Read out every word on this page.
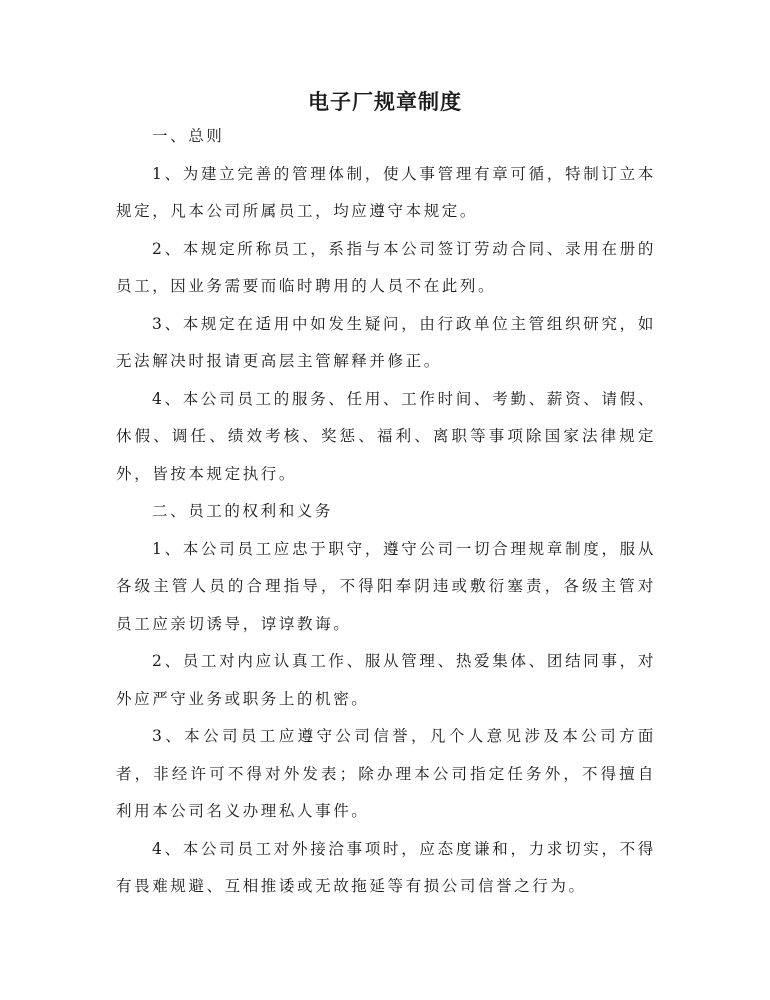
电子厂规章制度

一、总则

1、为建立完善的管理体制，使人事管理有章可循，特制订立本规定，凡本公司所属员工，均应遵守本规定。

2、本规定所称员工，系指与本公司签订劳动合同、录用在册的员工，因业务需要而临时聘用的人员不在此列。

3、本规定在适用中如发生疑问，由行政单位主管组织研究，如无法解决时报请更高层主管解释并修正。

4、本公司员工的服务、任用、工作时间、考勤、薪资、请假、休假、调任、绩效考核、奖惩、福利、离职等事项除国家法律规定外，皆按本规定执行。

二、员工的权利和义务

1、本公司员工应忠于职守，遵守公司一切合理规章制度，服从各级主管人员的合理指导，不得阳奉阴违或敷衍塞责，各级主管对员工应亲切诱导，谆谆教诲。

2、员工对内应认真工作、服从管理、热爱集体、团结同事，对外应严守业务或职务上的机密。

3、本公司员工应遵守公司信誉，凡个人意见涉及本公司方面者，非经许可不得对外发表；除办理本公司指定任务外，不得擅自利用本公司名义办理私人事件。

4、本公司员工对外接洽事项时，应态度谦和，力求切实，不得有畏难规避、互相推诿或无故拖延等有损公司信誉之行为。
